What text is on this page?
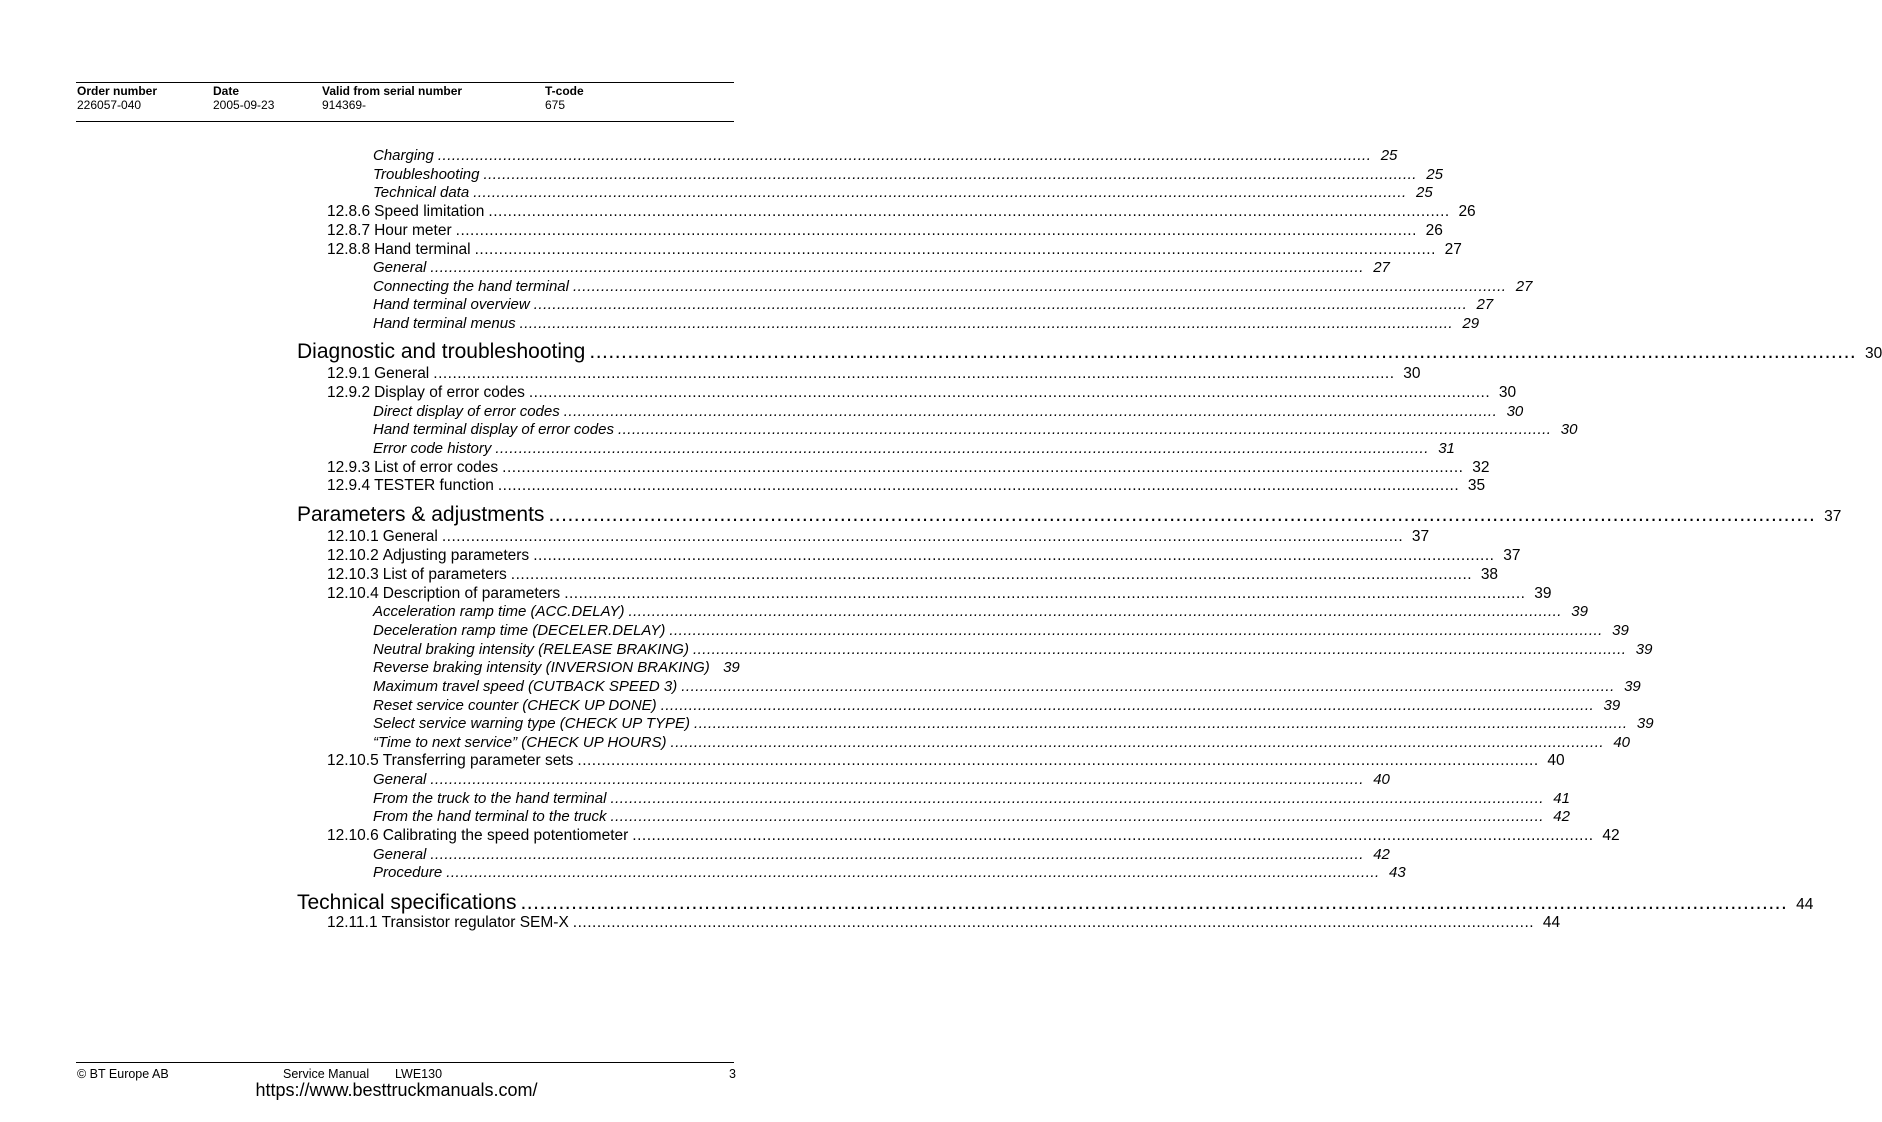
Order number
226057-040
Date
2005-09-23
Valid from serial number
914369-
T-code
675
Charging ........................................................................................................................................................................................................ 25
Troubleshooting ........................................................................................................................................................................................................ 25
Technical data ........................................................................................................................................................................................................ 25
12.8.6 Speed limitation ........................................................................................................................................................................................................ 26
12.8.7 Hour meter ........................................................................................................................................................................................................ 26
12.8.8 Hand terminal ........................................................................................................................................................................................................ 27
General ........................................................................................................................................................................................................ 27
Connecting the hand terminal ........................................................................................................................................................................................................ 27
Hand terminal overview ........................................................................................................................................................................................................ 27
Hand terminal menus ........................................................................................................................................................................................................ 29
Diagnostic and troubleshooting ........................................................................................................................................................................................................ 30
12.9.1 General ........................................................................................................................................................................................................ 30
12.9.2 Display of error codes ........................................................................................................................................................................................................ 30
Direct display of error codes ........................................................................................................................................................................................................ 30
Hand terminal display of error codes ........................................................................................................................................................................................................ 30
Error code history ........................................................................................................................................................................................................ 31
12.9.3 List of error codes ........................................................................................................................................................................................................ 32
12.9.4 TESTER function ........................................................................................................................................................................................................ 35
Parameters & adjustments ........................................................................................................................................................................................................ 37
12.10.1 General ........................................................................................................................................................................................................ 37
12.10.2 Adjusting parameters ........................................................................................................................................................................................................ 37
12.10.3 List of parameters ........................................................................................................................................................................................................ 38
12.10.4 Description of parameters ........................................................................................................................................................................................................ 39
Acceleration ramp time (ACC.DELAY) ........................................................................................................................................................................................................ 39
Deceleration ramp time (DECELER.DELAY) ........................................................................................................................................................................................................ 39
Neutral braking intensity (RELEASE BRAKING) ........................................................................................................................................................................................................ 39
Reverse braking intensity (INVERSION BRAKING) 39
Maximum travel speed (CUTBACK SPEED 3) ........................................................................................................................................................................................................ 39
Reset service counter (CHECK UP DONE) ........................................................................................................................................................................................................ 39
Select service warning type (CHECK UP TYPE) ........................................................................................................................................................................................................ 39
“Time to next service” (CHECK UP HOURS) ........................................................................................................................................................................................................ 40
12.10.5 Transferring parameter sets ........................................................................................................................................................................................................ 40
General ........................................................................................................................................................................................................ 40
From the truck to the hand terminal ........................................................................................................................................................................................................ 41
From the hand terminal to the truck ........................................................................................................................................................................................................ 42
12.10.6 Calibrating the speed potentiometer ........................................................................................................................................................................................................ 42
General ........................................................................................................................................................................................................ 42
Procedure ........................................................................................................................................................................................................ 43
Technical specifications ........................................................................................................................................................................................................ 44
12.11.1 Transistor regulator SEM-X ........................................................................................................................................................................................................ 44
© BT Europe AB	Service Manual LWE130	3
https://www.besttruckmanuals.com/
